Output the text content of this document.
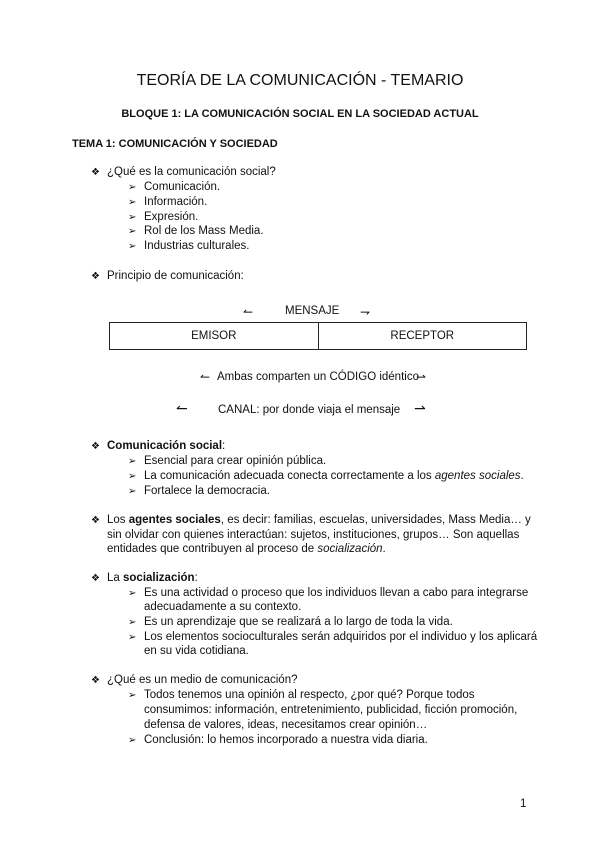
TEORÍA DE LA COMUNICACIÓN - TEMARIO
BLOQUE 1: LA COMUNICACIÓN SOCIAL EN LA SOCIEDAD ACTUAL
TEMA 1: COMUNICACIÓN Y SOCIEDAD
❖ ¿Qué es la comunicación social?
➢ Comunicación.
➢ Información.
➢ Expresión.
➢ Rol de los Mass Media.
➢ Industrias culturales.
❖ Principio de comunicación:
↼	MENSAJE ⇁
EMISOR	RECEPTOR
↼ Ambas comparten un CÓDIGO idéntico
⇀
↼	CANAL: por donde viaja el mensaje ⇀
❖ Comunicación social:
➢ Esencial para crear opinión pública.
➢ La comunicación adecuada conecta correctamente a los agentes sociales.
➢ Fortalece la democracia.
❖ Los agentes sociales, es decir: familias, escuelas, universidades, Mass Media… y
sin olvidar con quienes interactúan: sujetos, instituciones, grupos… Son aquellas
entidades que contribuyen al proceso de socialización.
❖ La socialización:
➢ Es una actividad o proceso que los individuos llevan a cabo para integrarse
adecuadamente a su contexto.
➢ Es un aprendizaje que se realizará a lo largo de toda la vida.
➢ Los elementos socioculturales serán adquiridos por el individuo y los aplicará
en su vida cotidiana.
❖ ¿Qué es un medio de comunicación?
➢ Todos tenemos una opinión al respecto, ¿por qué? Porque todos
consumimos: información, entretenimiento, publicidad, ficción promoción,
defensa de valores, ideas, necesitamos crear opinión…
➢ Conclusión: lo hemos incorporado a nuestra vida diaria.
1
